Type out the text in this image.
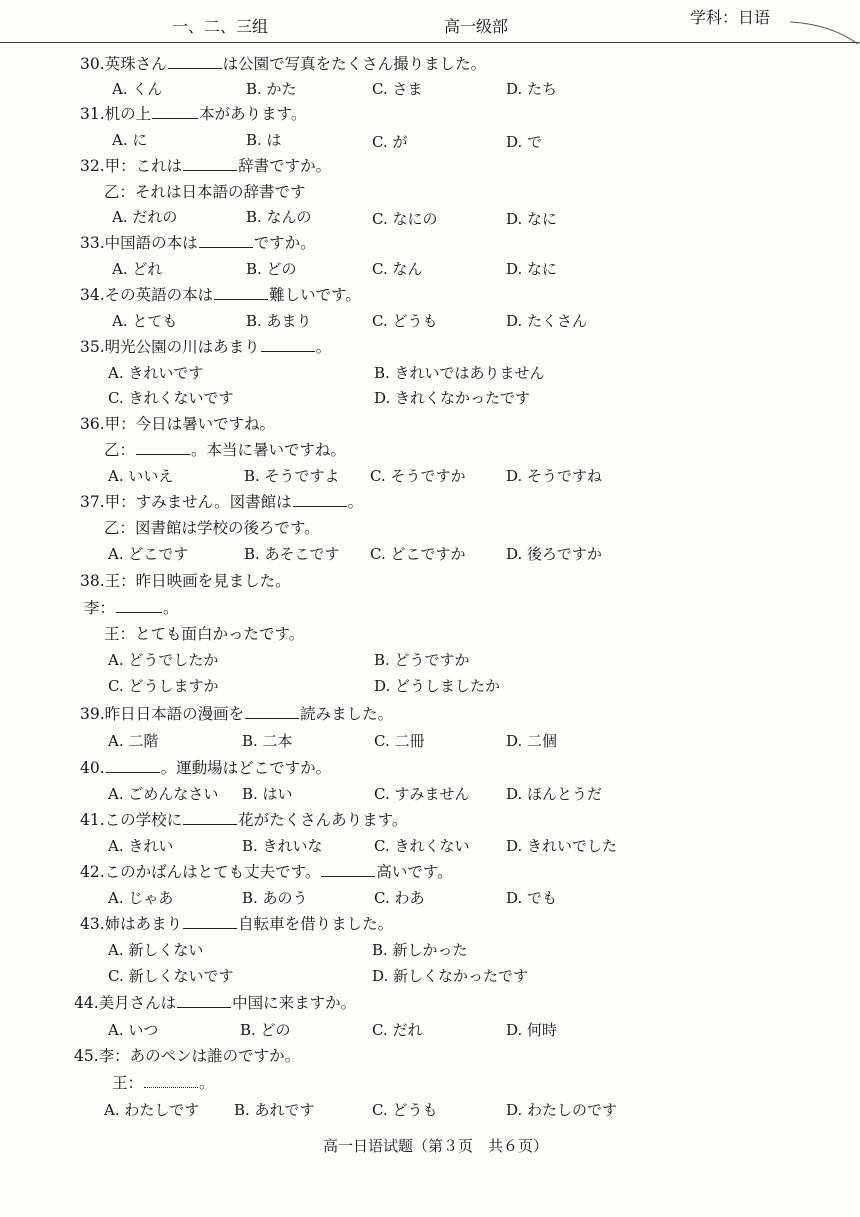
一、二、三组	高一级部	学科：日语
30.英珠さん	は公園で写真をたくさん撮りました。
A. くん	B. かた	C. さま	D. たち
31.机の上	本があります。
A. に	B. は	C. が	D. で
32.甲：これは	辞書ですか。
乙：それは日本語の辞書です
A. だれの	B. なんの	C. なにの	D. なに
33.中国語の本は	ですか。
A. どれ	B. どの	C. なん	D. なに
34.その英語の本は	難しいです。
A. とても	B. あまり	C. どうも	D. たくさん
35.明光公園の川はあまり	。
A. きれいです	B. きれいではありません
C. きれくないです	D. きれくなかったです
36.甲：今日は暑いですね。
乙：	。本当に暑いですね。
A. いいえ	B. そうですよ C. そうですか	D. そうですね
37.甲：すみません。図書館は	。
乙：図書館は学校の後ろです。
A. どこです	B. あそこです C. どこですか	D. 後ろですか
38.王：昨日映画を見ました。
李：	。
王：とても面白かったです。
A. どうでしたか	B. どうですか
C. どうしますか	D. どうしましたか
39.昨日日本語の漫画を	読みました。
A. 二階	B. 二本	C. 二冊	D. 二個
40.	。運動場はどこですか。
A. ごめんなさい B. はい	C. すみません D. ほんとうだ
41.この学校に	花がたくさんあります。
A. きれい	B. きれいな	C. きれくない D. きれいでした
42.このかばんはとても丈夫です。	高いです。
A. じゃあ	B. あのう	C. わあ	D. でも
43.姉はあまり	自転車を借りました。
A. 新しくない	B. 新しかった
C. 新しくないです	D. 新しくなかったです
44.美月さんは	中国に来ますか。
A. いつ	B. どの	C. だれ	D. 何時
45.李：あのペンは誰のですか。
王：	。
A. わたしです B. あれです	C. どうも	D. わたしのです
高一日语试题（第３页　共６页）
